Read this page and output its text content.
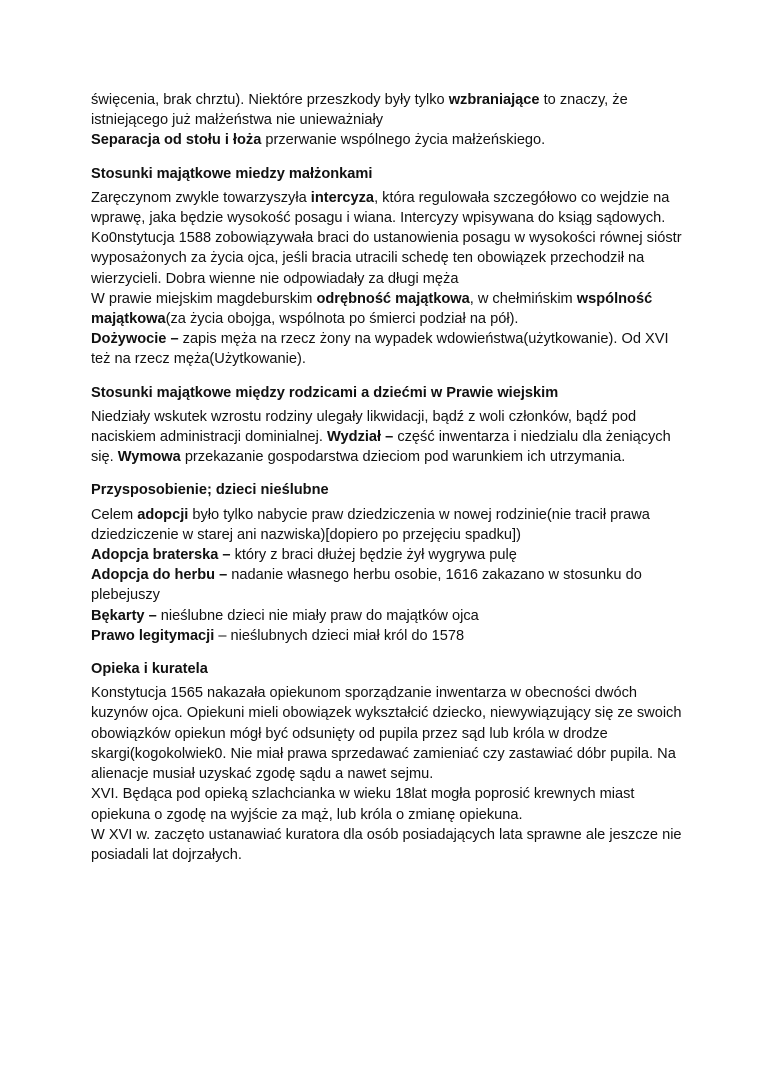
święcenia, brak chrztu). Niektóre przeszkody były tylko wzbraniające to znaczy, że istniejącego już małżeństwa nie unieważniały

Separacja od stołu i łoża przerwanie wspólnego życia małżeńskiego.

Stosunki majątkowe miedzy małżonkami

Zaręczynom zwykle towarzyszyła intercyza, która regulowała szczegółowo co wejdzie na wprawę, jaka będzie wysokość posagu i wiana. Intercyzy wpisywana do ksiąg sądowych.

Ko0nstytucja 1588 zobowiązywała braci do ustanowienia posagu w wysokości równej sióstr wyposażonych za życia ojca, jeśli bracia utracili schedę ten obowiązek przechodził na wierzycieli. Dobra wienne nie odpowiadały za długi męża

W prawie miejskim magdeburskim odrębność majątkowa, w chełmińskim wspólność majątkowa(za życia obojga, wspólnota po śmierci podział na pół).

Dożywocie – zapis męża na rzecz żony na wypadek wdowieństwa(użytkowanie). Od XVI też na rzecz męża(Użytkowanie).

Stosunki majątkowe między rodzicami a dziećmi w Prawie wiejskim

Niedziały wskutek wzrostu rodziny ulegały likwidacji, bądź z woli członków, bądź pod naciskiem administracji dominialnej. Wydział – część inwentarza i niedzialu dla żeniących się. Wymowa przekazanie gospodarstwa dzieciom pod warunkiem ich utrzymania.

Przysposobienie; dzieci nieślubne

Celem adopcji było tylko nabycie praw dziedziczenia w nowej rodzinie(nie tracił prawa dziedziczenie w starej ani nazwiska)[dopiero po przejęciu spadku])

Adopcja braterska – który z braci dłużej będzie żył wygrywa pulę

Adopcja do herbu – nadanie własnego herbu osobie, 1616 zakazano w stosunku do plebejuszy

Bękarty – nieślubne dzieci nie miały praw do majątków ojca

Prawo legitymacji – nieślubnych dzieci miał król do 1578

Opieka i kuratela

Konstytucja 1565 nakazała opiekunom sporządzanie inwentarza w obecności dwóch kuzynów ojca. Opiekuni mieli obowiązek wykształcić dziecko, niewywiązujący się ze swoich obowiązków opiekun mógł być odsunięty od pupila przez sąd lub króla w drodze skargi(kogokolwiek0. Nie miał prawa sprzedawać zamieniać czy zastawiać dóbr pupila. Na alienacje musiał uzyskać zgodę sądu a nawet sejmu.

XVI. Będąca pod opieką szlachcianka w wieku 18lat mogła poprosić krewnych miast opiekuna o zgodę na wyjście za mąż, lub króla o zmianę opiekuna.

W XVI w. zaczęto ustanawiać kuratora dla osób posiadających lata sprawne ale jeszcze nie posiadali lat dojrzałych.
